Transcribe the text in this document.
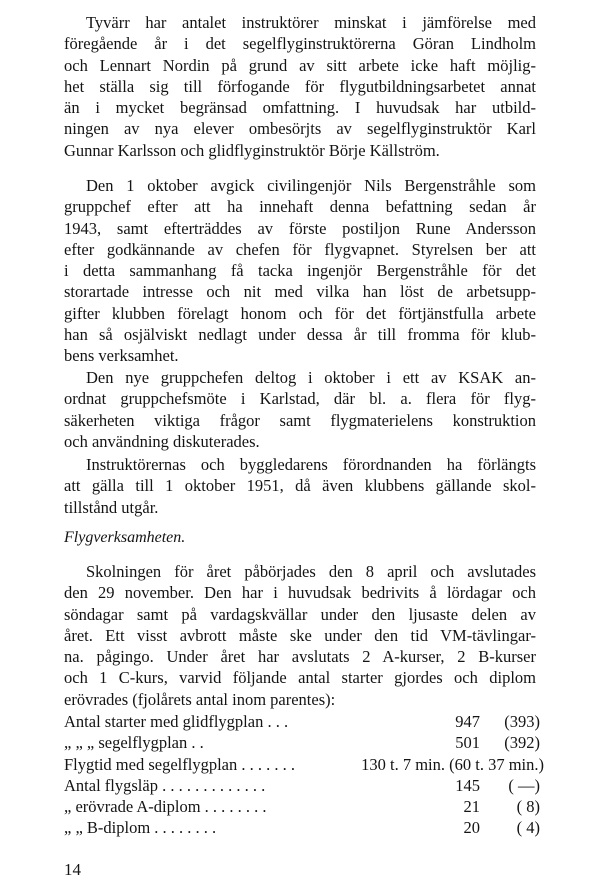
Tyvärr har antalet instruktörer minskat i jämförelse med
föregående år i det segelflyginstruktörerna Göran Lindholm
och Lennart Nordin på grund av sitt arbete icke haft möjlig-
het ställa sig till förfogande för flygutbildningsarbetet annat
än i mycket begränsad omfattning. I huvudsak har utbild-
ningen av nya elever ombesörjts av segelflyginstruktör Karl
Gunnar Karlsson och glidflyginstruktör Börje Källström.
Den 1 oktober avgick civilingenjör Nils Bergenstråhle som
gruppchef efter att ha innehaft denna befattning sedan år
1943, samt efterträddes av förste postiljon Rune Andersson
efter godkännande av chefen för flygvapnet. Styrelsen ber att
i detta sammanhang få tacka ingenjör Bergenstråhle för det
storartade intresse och nit med vilka han löst de arbetsupp-
gifter klubben förelagt honom och för det förtjänstfulla arbete
han så osjälviskt nedlagt under dessa år till fromma för klub-
bens verksamhet.
Den nye gruppchefen deltog i oktober i ett av KSAK an-
ordnat gruppchefsmöte i Karlstad, där bl. a. flera för flyg-
säkerheten viktiga frågor samt flygmaterielens konstruktion
och användning diskuterades.
Instruktörernas och byggledarens förordnanden ha förlängts
att gälla till 1 oktober 1951, då även klubbens gällande skol-
tillstånd utgår.

Flygverksamheten.

Skolningen för året påbörjades den 8 april och avslutades
den 29 november. Den har i huvudsak bedrivits å lördagar och
söndagar samt på vardagskvällar under den ljusaste delen av
året. Ett visst avbrott måste ske under den tid VM-tävlingar-
na. pågingo. Under året har avslutats 2 A-kurser, 2 B-kurser
och 1 C-kurs, varvid följande antal starter gjordes och diplom
erövrades (fjolårets antal inom parentes):
Antal starter med glidflygplan . . .	947 (393)
„ „ „ segelflygplan . .	501 (392)
Flygtid med segelflygplan . . . . . . .	130 t. 7 min. (60 t. 37 min.)
Antal flygsläp . . . . . . . . . . . . .	145 ( —)
„ erövrade A-diplom . . . . . . . .	21 ( 8)
„ „ B-diplom . . . . . . . .	20 ( 4)

14
